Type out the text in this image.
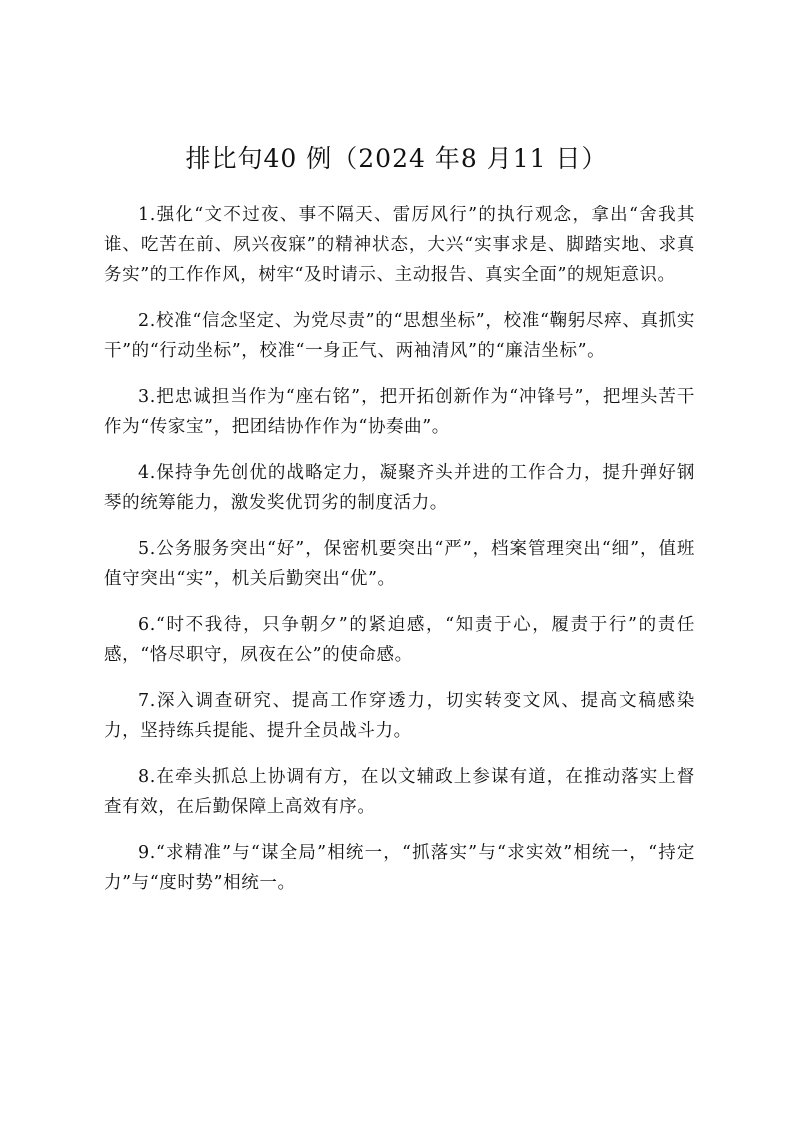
排比句40 例（2024 年8 月11 日）

1.强化“文不过夜、事不隔天、雷厉风行”的执行观念，拿出“舍我其谁、吃苦在前、夙兴夜寐”的精神状态，大兴“实事求是、脚踏实地、求真务实”的工作作风，树牢“及时请示、主动报告、真实全面”的规矩意识。

2.校准“信念坚定、为党尽责”的“思想坐标”，校准“鞠躬尽瘁、真抓实干”的“行动坐标”，校准“一身正气、两袖清风”的“廉洁坐标”。

3.把忠诚担当作为“座右铭”，把开拓创新作为“冲锋号”，把埋头苦干作为“传家宝”，把团结协作作为“协奏曲”。

4.保持争先创优的战略定力，凝聚齐头并进的工作合力，提升弹好钢琴的统筹能力，激发奖优罚劣的制度活力。

5.公务服务突出“好”，保密机要突出“严”，档案管理突出“细”，值班值守突出“实”，机关后勤突出“优”。

6.“时不我待，只争朝夕”的紧迫感，“知责于心，履责于行”的责任感，“恪尽职守，夙夜在公”的使命感。

7.深入调查研究、提高工作穿透力，切实转变文风、提高文稿感染力，坚持练兵提能、提升全员战斗力。

8.在牵头抓总上协调有方，在以文辅政上参谋有道，在推动落实上督查有效，在后勤保障上高效有序。

9.“求精准”与“谋全局”相统一，“抓落实”与“求实效”相统一，“持定力”与“度时势”相统一。
